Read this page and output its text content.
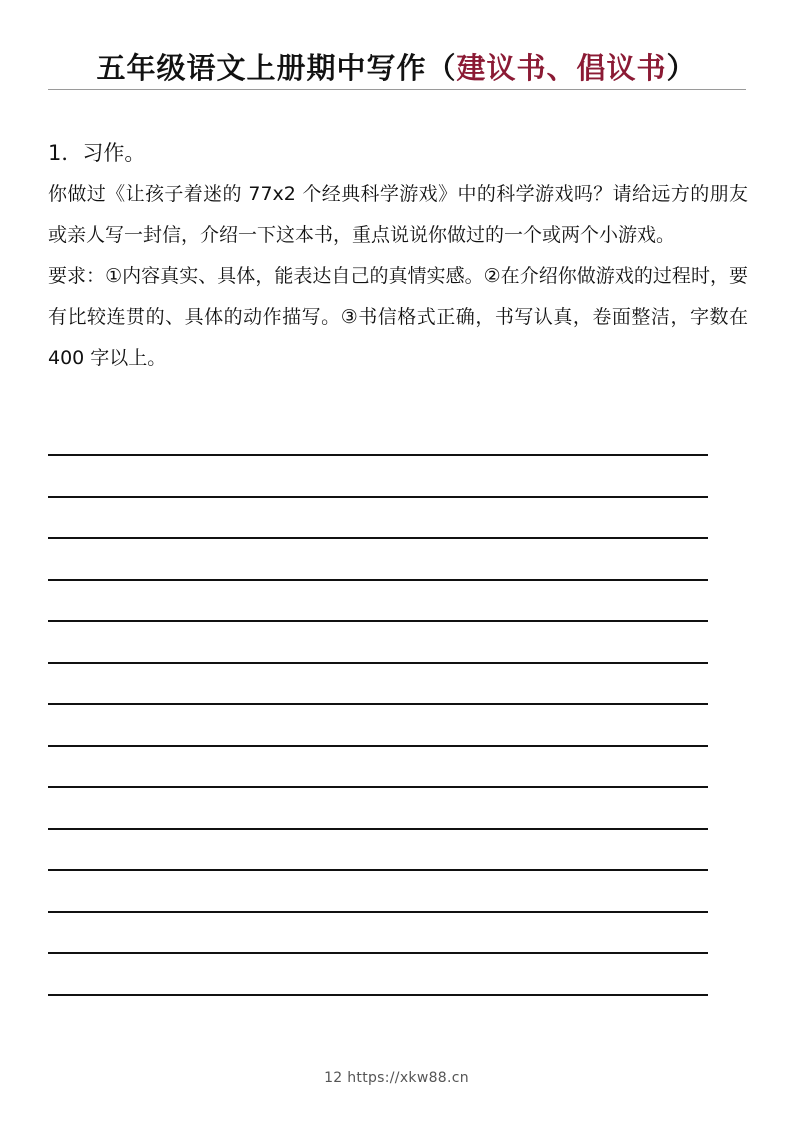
五年级语文上册期中写作（建议书、倡议书）
1．习作。

你做过《让孩子着迷的 77x2 个经典科学游戏》中的科学游戏吗？请给远方的朋友或亲人写一封信，介绍一下这本书，重点说说你做过的一个或两个小游戏。

要求：①内容真实、具体，能表达自己的真情实感。②在介绍你做游戏的过程时，要有比较连贯的、具体的动作描写。③书信格式正确，书写认真，卷面整洁，字数在 400 字以上。

12 https://xkw88.cn
